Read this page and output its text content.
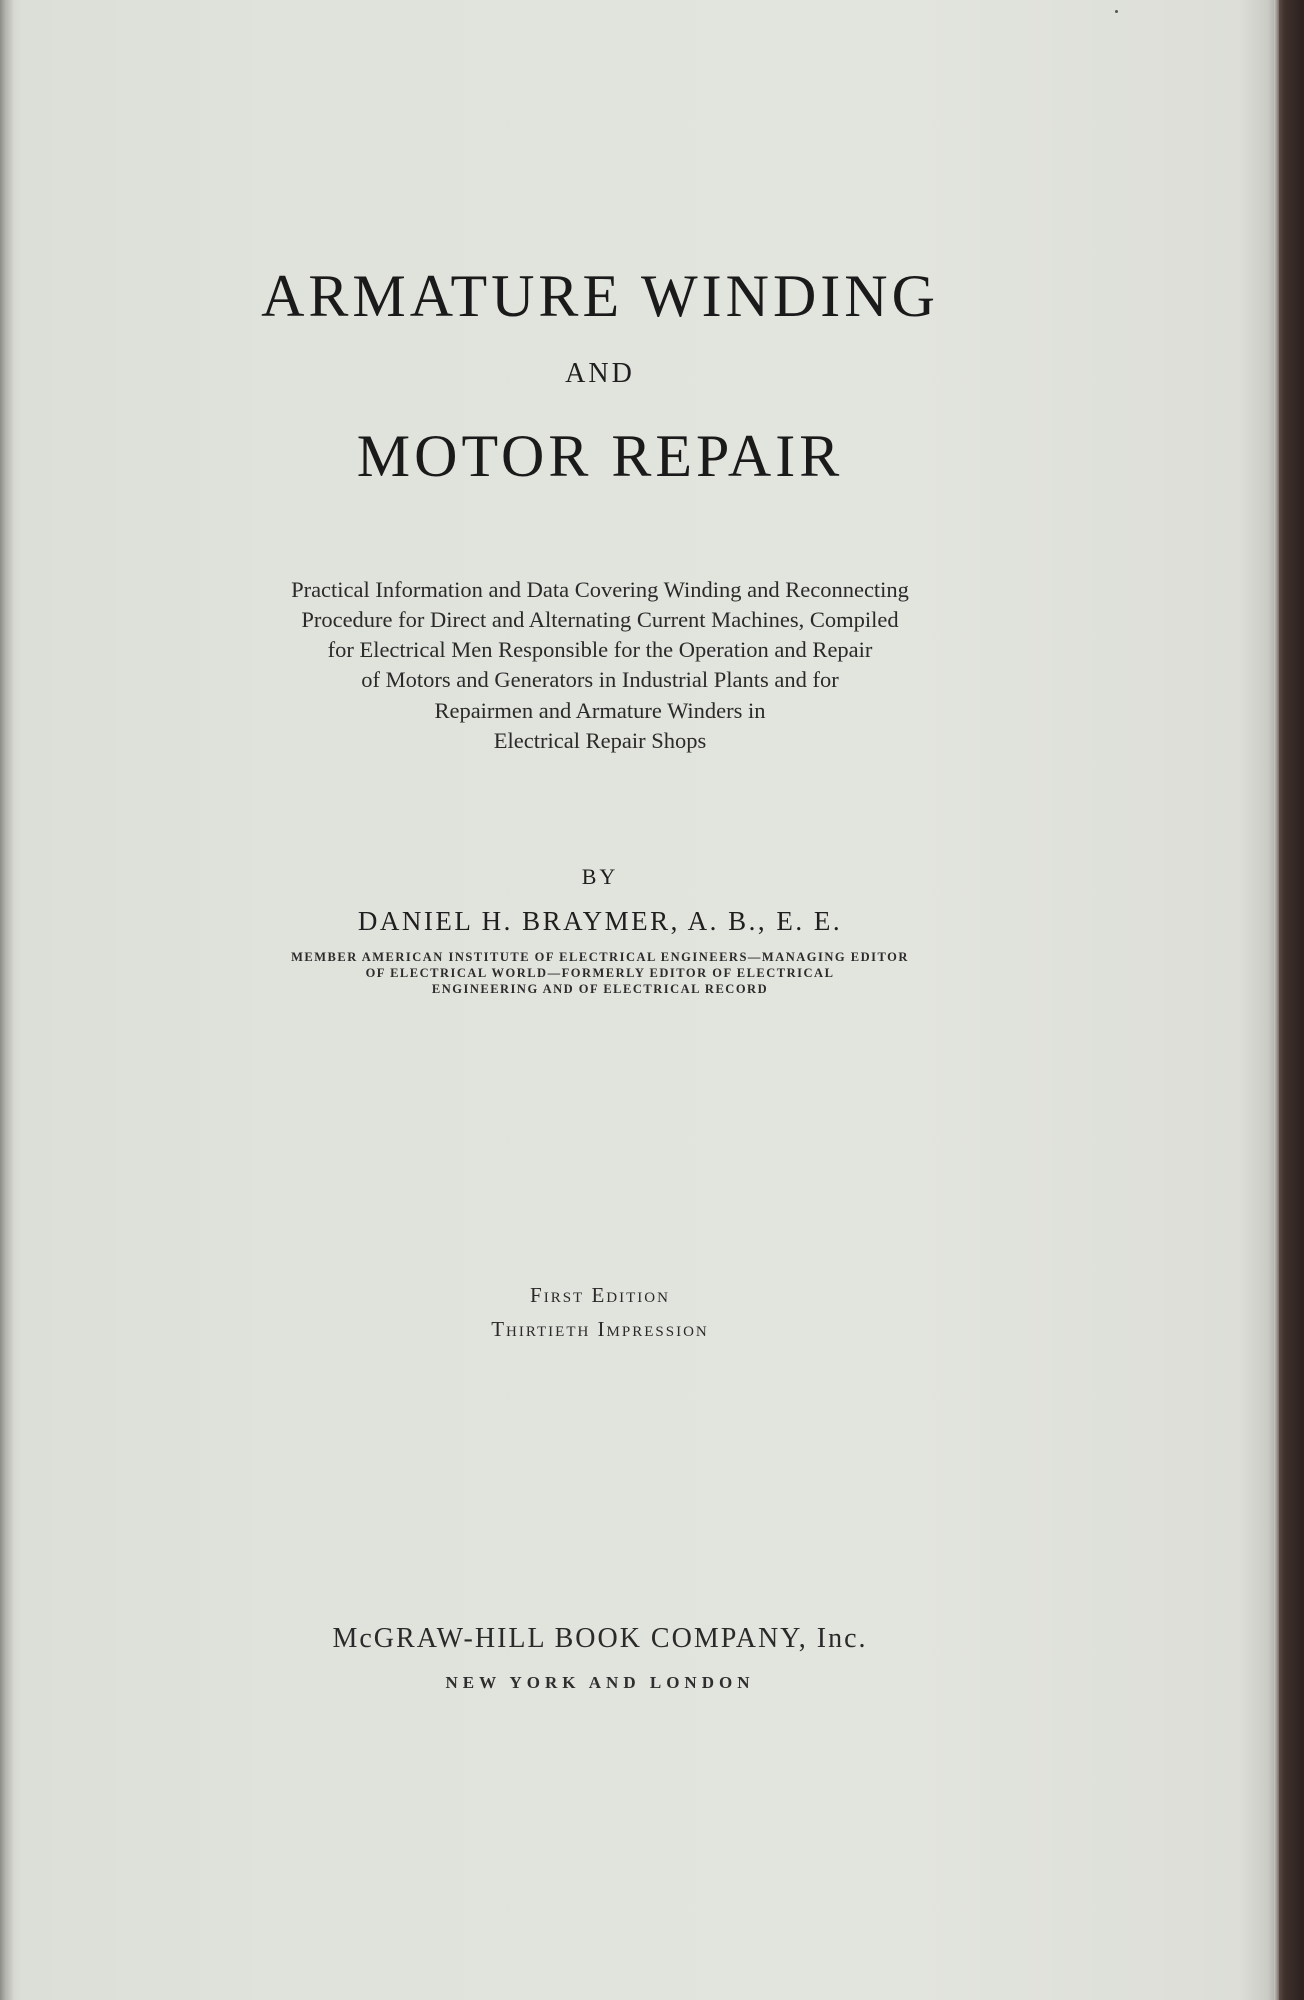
ARMATURE WINDING
AND
MOTOR REPAIR
Practical Information and Data Covering Winding and Reconnecting
Procedure for Direct and Alternating Current Machines, Compiled
for Electrical Men Responsible for the Operation and Repair
of Motors and Generators in Industrial Plants and for
Repairmen and Armature Winders in
Electrical Repair Shops
BY
DANIEL H. BRAYMER, A. B., E. E.
MEMBER AMERICAN INSTITUTE OF ELECTRICAL ENGINEERS—MANAGING EDITOR
OF ELECTRICAL WORLD—FORMERLY EDITOR OF ELECTRICAL
ENGINEERING AND OF ELECTRICAL RECORD
First Edition
Thirtieth Impression
McGRAW-HILL BOOK COMPANY, Inc.
NEW YORK AND LONDON
